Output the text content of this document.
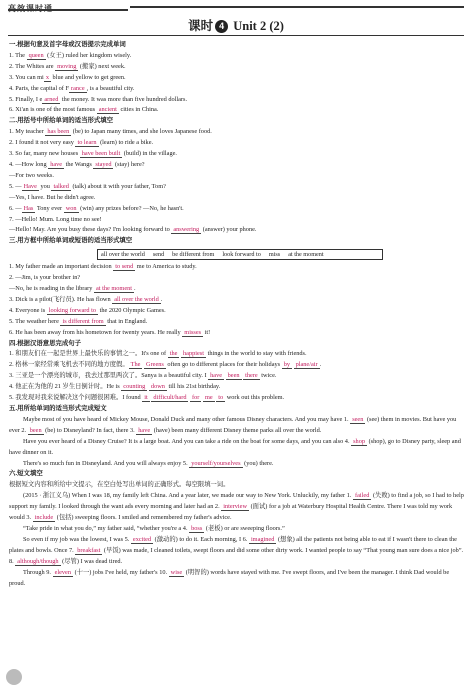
高效课时通
课时 4 Unit 2 (2)
一.根据句意及首字母或汉语提示完成单词
1. The queen (女王) ruled her kingdom wisely.
2. The Whites are moving (搬家) next week.
3. You can mi x blue and yellow to get green.
4. Paris, the capital of F rance , is a beautiful city.
5. Finally, I e arned the money. It was more than five hundred dollars.
6. Xi'an is one of the most famous ancient cities in China.
二.用括号中所给单词的适当形式填空
1. My teacher has been (be) to Japan many times, and she loves Japanese food.
2. I found it not very easy to learn (learn) to ride a bike.
3. So far, many new houses have been built (build) in the village.
4. —How long have the Wangs stayed (stay) here?
—For two weeks.
5. — Have you talked (talk) about it with your father, Tom?
—Yes, I have. But he didn't agree.
6. — Has Tony ever won (win) any prizes before? —No, he hasn't.
7. —Hello! Mum. Long time no see!
—Hello! May. Are you busy these days? I'm looking forward to answering (answer) your phone.
三.用方框中所给单词或短语的适当形式填空
all over the world send be different from look forward to miss at the moment
1. My father made an important decision to send me to America to study.
2. —Jim, is your brother in?
—No, he is reading in the library at the moment .
3. Dick is a pilot(飞行员). He has flown all over the world .
4. Everyone is looking forward to the 2020 Olympic Games.
5. The weather here is different from that in England.
6. He has been away from his hometown for twenty years. He really misses it!
四.根据汉语意思完成句子
1. 和朋友们在一起是世界上最快乐的事情之一。It's one of the happiest things in the world to stay with friends.
2. 格林一家经常乘飞机去不同的地方度假。 The Greens often go to different places for their holidays by plane/air .
3. 三亚是一个漂亮的城市，我去过那里两次了。Sanya is a beautiful city. I have been there twice.
4. 他正在为他的 21 岁生日倒计时。He is counting down till his 21st birthday.
5. 我发现对我来说解决这个问题很困难。I found it difficult/hard for me to work out this problem.
五.用所给单词的适当形式完成短文
Maybe most of you have heard of Mickey Mouse, Donald Duck and many other famous Disney characters. And you may have 1. seen (see) them in movies. But have you ever 2. been (be) to Disneyland? In fact, there 3. have (have) been many different Disney theme parks all over the world.
Have you ever heard of a Disney Cruise? It is a large boat. And you can take a ride on the boat for some days, and you can also 4. shop (shop), go to Disney party, sleep and have dinner on it.
There's so much fun in Disneyland. And you will always enjoy 5. yourself/yourselves (you) there.
六.短文填空
根据短文内容和所给中文提示，在空白处写出单词的正确形式。每空限填一词。
(2015 · 浙江义乌) When I was 18, my family left China. And a year later, we made our way to New York. Unluckily, my father 1. failed (失败) to find a job, so I had to help support my family. I looked through the want ads every morning and later had an 2. interview (面试) for a job at Waterbury Hospital Health Centre. There I was told my work would 3. include (包括) sweeping floors. I smiled and remembered my father's advice.
“Take pride in what you do,” my father said, “whether you're a 4. boss (老板) or are sweeping floors.”
So even if my job was the lowest, I was 5. excited (激动的) to do it. Each morning, I 6. imagined (想象) all the patients not being able to eat if I wasn't there to clean the plates and bowls. Once 7. breakfast (早饭) was made, I cleaned toilets, swept floors and did some other dirty work. I wanted people to say “That young man sure does a nice job”. 8. although/though (尽管) I was dead tired.
Through 9. eleven (十一) jobs I've held, my father's 10. wise (明智的) words have stayed with me. I've swept floors, and I've been the manager. I think Dad would be proud.
